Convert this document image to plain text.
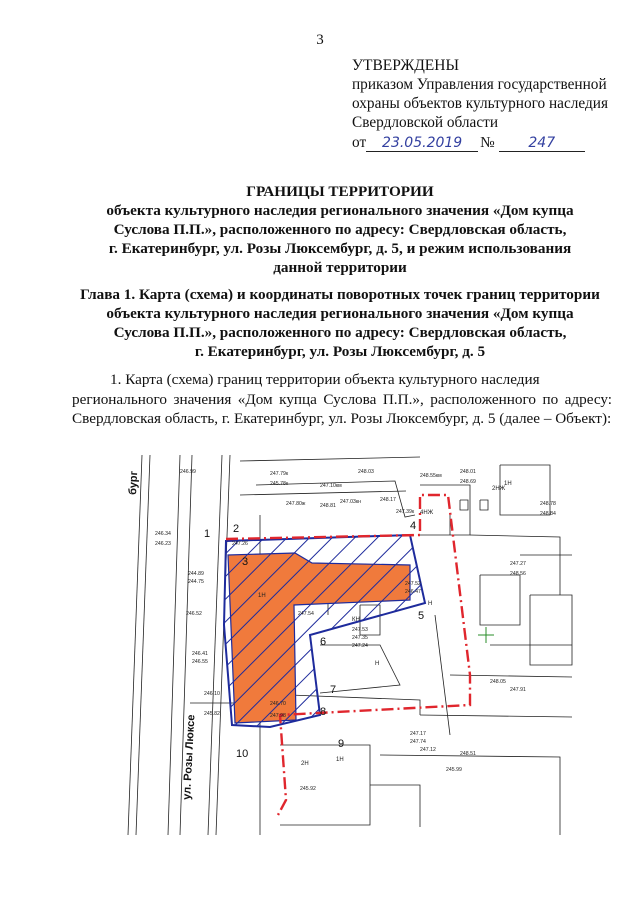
3
УТВЕРЖДЕНЫ
приказом Управления государственной
охраны объектов культурного наследия
Свердловской области
от	23.05.2019	№	247
ГРАНИЦЫ ТЕРРИТОРИИ
объекта культурного наследия регионального значения «Дом купца
Суслова П.П.», расположенного по адресу: Свердловская область,
г. Екатеринбург, ул. Розы Люксембург, д. 5, и режим использования
данной территории
Глава 1. Карта (схема) и координаты поворотных точек границ территории
объекта культурного наследия регионального значения «Дом купца
Суслова П.П.», расположенного по адресу: Свердловская область,
г. Екатеринбург, ул. Розы Люксембург, д. 5
1. Карта (схема) границ территории объекта культурного наследия
регионального значения «Дом купца Суслова П.П.», расположенного по адресу: Свердловская область, г. Екатеринбург, ул. Розы Люксембург, д. 5 (далее – Объект):
1 2
3
4
5
6
7
8
9
10
1Н
2Н
4НЖ
2НЖ
1Н
КН
Н
Н
1Н
ул. Розы Люксе
бург	247.79к
245.78к	247.10км
248.03
247.80ж	248.81
247.03кн	248.17
247.39к
247.26
247.54
247.53
247.35
247.24
246.70
247.98
246.99
248.55км
248.01
248.69
248.78
248.84
247.52
246.47
247.27
248.56
246.41
246.55
246.10
245.82
246.52
244.89
244.75
246.34
246.23
247.17
247.74
247.12
245.99
248.05
247.91
248.51
245.92
